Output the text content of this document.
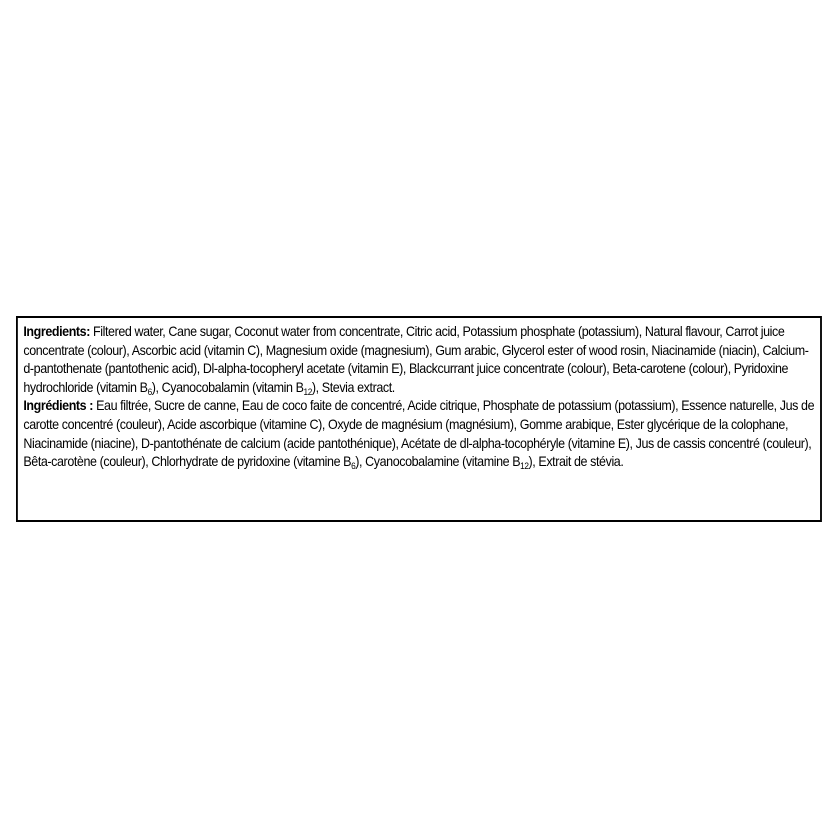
Ingredients: Filtered water, Cane sugar, Coconut water from concentrate, Citric acid, Potassium phosphate (potassium), Natural flavour, Carrot juice concentrate (colour), Ascorbic acid (vitamin C), Magnesium oxide (magnesium), Gum arabic, Glycerol ester of wood rosin, Niacinamide (niacin), Calcium-d-pantothenate (pantothenic acid), Dl-alpha-tocopheryl acetate (vitamin E), Blackcurrant juice concentrate (colour), Beta-carotene (colour), Pyridoxine hydrochloride (vitamin $B_6$), Cyanocobalamin (vitamin $B_{12}$), Stevia extract.

Ingrédients : Eau filtrée, Sucre de canne, Eau de coco faite de concentré, Acide citrique, Phosphate de potassium (potassium), Essence naturelle, Jus de carotte concentré (couleur), Acide ascorbique (vitamine C), Oxyde de magnésium (magnésium), Gomme arabique, Ester glycérique de la colophane, Niacinamide (niacine), D-pantothénate de calcium (acide pantothénique), Acétate de dl-alpha-tocophéryle (vitamine E), Jus de cassis concentré (couleur), Bêta-carotène (couleur), Chlorhydrate de pyridoxine (vitamine $B_6$), Cyanocobalamine (vitamine $B_{12}$), Extrait de stévia.
